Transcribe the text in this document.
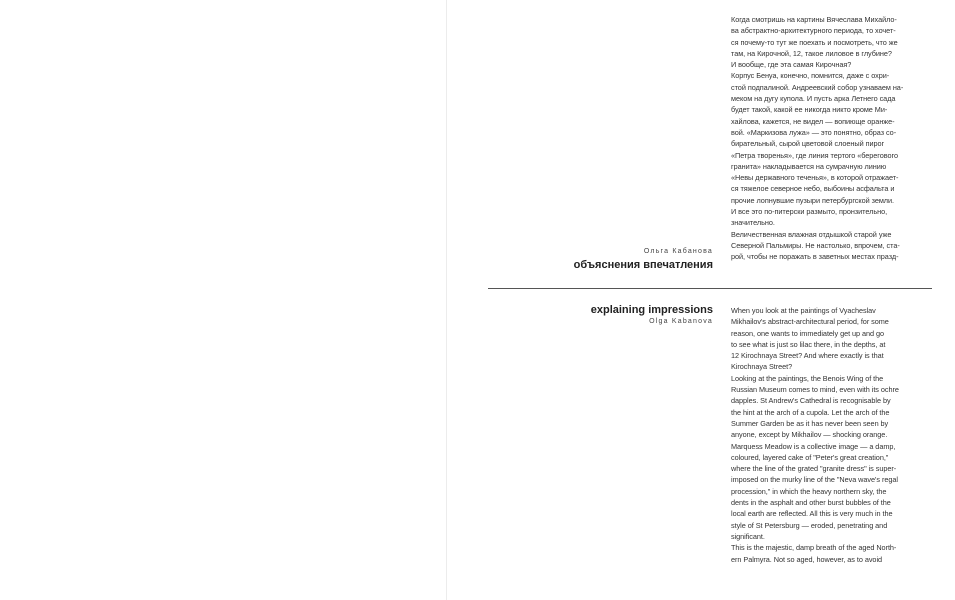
Когда смотришь на картины Вячеслава Михайло-
ва абстрактно-архитектурного периода, то хочет-
ся почему-то тут же поехать и посмотреть, что же
там, на Кирочной, 12, такое лиловое в глубине?
И вообще, где эта самая Кирочная?
Корпус Бенуа, конечно, помнится, даже с охри-
стой подпалиной. Андреевский собор узнаваем на-
меком на дугу купола. И пусть арка Летнего сада
будет такой, какой ее никогда никто кроме Ми-
хайлова, кажется, не видел — вопиюще оранже-
вой. «Маркизова лужа» — это понятно, образ со-
бирательный, сырой цветовой слоеный пирог
«Петра творенья», где линия тертого «берегового
гранита» накладывается на сумрачную линию
«Невы державного теченья», в которой отражает-
ся тяжелое северное небо, выбоины асфальта и
прочие лопнувшие пузыри петербургской земли.
И все это по-питерски размыто, пронзительно,
значительно.
Величественная влажная отдышкой старой уже
Северной Пальмиры. Не настолько, впрочем, ста-
рой, чтобы не поражать в заветных местах празд-
Ольга Кабанова
объяснения впечатления
explaining impressions
Olga Kabanova
When you look at the paintings of Vyacheslav
Mikhailov's abstract-architectural period, for some
reason, one wants to immediately get up and go
to see what is just so lilac there, in the depths, at
12 Kirochnaya Street? And where exactly is that
Kirochnaya Street?
Looking at the paintings, the Benois Wing of the
Russian Museum comes to mind, even with its ochre
dapples. St Andrew's Cathedral is recognisable by
the hint at the arch of a cupola. Let the arch of the
Summer Garden be as it has never been seen by
anyone, except by Mikhailov — shocking orange.
Marquess Meadow is a collective image — a damp,
coloured, layered cake of "Peter's great creation,"
where the line of the grated "granite dress" is super-
imposed on the murky line of the "Neva wave's regal
procession," in which the heavy northern sky, the
dents in the asphalt and other burst bubbles of the
local earth are reflected. All this is very much in the
style of St Petersburg — eroded, penetrating and
significant.
This is the majestic, damp breath of the aged North-
ern Palmyra. Not so aged, however, as to avoid
